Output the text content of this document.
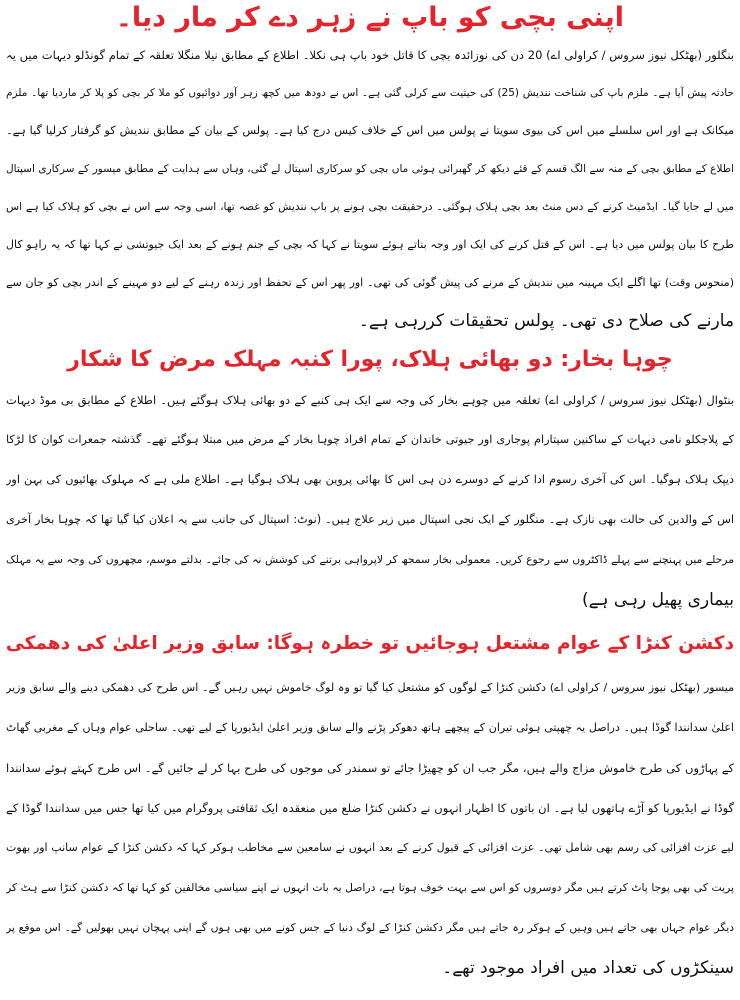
اپنی بچی کو باپ نے زہر دے کر مار دیا۔
بنگلور (بھٹکل نیوز سروس / کراولی اے) 20 دن کی نوزائدہ بچی کا قاتل خود باپ ہی نکلا۔ اطلاع کے مطابق نیلا منگلا تعلقہ کے تمام گونڈلو دیہات میں یہ
حادثہ پیش آیا ہے۔ ملزم باپ کی شناخت نندیش (25) کی حیثیت سے کرلی گئی ہے۔ اس نے دودھ میں کچھ زہر آور دوائیوں کو ملا کر بچی کو پلا کر ماردیا تھا۔ ملزم
میکانک ہے اور اس سلسلے میں اس کی بیوی سویتا نے پولس میں اس کے خلاف کیس درج کیا ہے۔ پولس کے بیان کے مطابق نندیش کو گرفتار کرلیا گیا ہے۔
اطلاع کے مطابق بچی کے منہ سے الگ قسم کے قئے دیکھ کر گھبرائی ہوئی ماں بچی کو سرکاری اسپتال لے گئی، وہاں سے ہدایت کے مطابق میسور کے سرکاری اسپتال
میں لے جایا گیا۔ ایڈمیٹ کرنے کے دس منٹ بعد بچی ہلاک ہوگئی۔ درحقیقت بچی ہونے پر باپ نندیش کو غصہ تھا، اسی وجہ سے اس نے بچی کو ہلاک کیا ہے اس
طرح کا بیان پولس میں دیا ہے۔ اس کے قتل کرنے کی ایک اور وجہ بتاتے ہوئے سویتا نے کہا کہ بچی کے جنم ہونے کے بعد ایک جیوتشی نے کہا تھا کہ یہ راہو کال
(منحوس وقت) تھا اگلے ایک مہینہ میں نندیش کے مرنے کی پیش گوئی کی تھی۔ اور پھر اس کے تحفظ اور زندہ رہنے کے لیے دو مہینے کے اندر بچی کو جان سے
مارنے کی صلاح دی تھی۔ پولس تحقیقات کررہی ہے۔
چوہا بخار: دو بھائی ہلاک، پورا کنبہ مہلک مرض کا شکار
بنٹوال (بھٹکل نیوز سروس / کراولی اے) تعلقہ میں چوہے بخار کی وجہ سے ایک ہی کنبے کے دو بھائی ہلاک ہوگئے ہیں۔ اطلاع کے مطابق بی موڈ دیہات
کے پلاجکلو نامی دیہات کے ساکنین سیتارام پوجاری اور جیوتی خاندان کے تمام افراد چوہا بخار کے مرض میں مبتلا ہوگئے تھے۔ گذشتہ جمعرات کوان کا لڑکا
دیپک ہلاک ہوگیا۔ اس کی آخری رسوم ادا کرنے کے دوسرے دن ہی اس کا بھائی پروین بھی ہلاک ہوگیا ہے۔ اطلاع ملی ہے کہ مہلوک بھائیوں کی بہن اور
اس کے والدین کی حالت بھی نازک ہے۔ منگلور کے ایک نجی اسپتال میں زیر علاج ہیں۔ (نوٹ: اسپتال کی جانب سے یہ اعلان کیا گیا تھا کہ چوہا بخار آخری
مرحلے میں پہنچنے سے پہلے ڈاکٹروں سے رجوع کریں۔ معمولی بخار سمجھ کر لاپرواہی برتنے کی کوشش نہ کی جائے۔ بدلتے موسم، مچھروں کی وجہ سے یہ مہلک
بیماری پھیل رہی ہے)
دکشن کنڑا کے عوام مشتعل ہوجائیں تو خطرہ ہوگا: سابق وزیر اعلیٰ کی دھمکی
میسور (بھٹکل نیوز سروس / کراولی اے) دکشن کنڑا کے لوگوں کو مشتعل کیا گیا تو وہ لوگ خاموش نہیں رہیں گے۔ اس طرح کی دھمکی دینے والے سابق وزیر
اعلیٰ سدانندا گوڈا ہیں۔ دراصل یہ چھپتی ہوئی تیران کے پیچھے ہاتھ دھوکر پڑنے والے سابق وزیر اعلیٰ ایڈیورپا کے لیے تھی۔ ساحلی عوام وہاں کے مغربی گھاٹ
کے پہاڑوں کی طرح خاموش مزاج والے ہیں، مگر جب ان کو چھیڑا جائے تو سمندر کی موجوں کی طرح بہا کر لے جائیں گے۔ اس طرح کہتے ہوئے سدانندا
گوڈا نے ایڈیورپا کو آڑے ہاتھوں لیا ہے۔ ان باتوں کا اظہار انہوں نے دکشن کنڑا ضلع میں منعقدہ ایک ثقافتی پروگرام میں کیا تھا جس میں سدانندا گوڈا کے
لیے عزت افزائی کی رسم بھی شامل تھی۔ عزت افزائی کے قبول کرنے کے بعد انہوں نے سامعین سے مخاطب ہوکر کہا کہ دکشن کنڑا کے عوام سانپ اور بھوت
پریت کی بھی پوجا پاٹ کرتے ہیں مگر دوسروں کو اس سے بہت خوف ہوتا ہے، دراصل یہ بات انہوں نے اپنے سیاسی مخالفین کو کہا تھا کہ دکشن کنڑا سے ہٹ کر
دیگر عوام جہاں بھی جاتے ہیں وہیں کے ہوکر رہ جاتے ہیں مگر دکشن کنڑا کے لوگ دنیا کے جس کونے میں بھی ہوں گے اپنی پہچان نہیں بھولیں گے۔ اس موقع پر
سینکڑوں کی تعداد میں افراد موجود تھے۔
